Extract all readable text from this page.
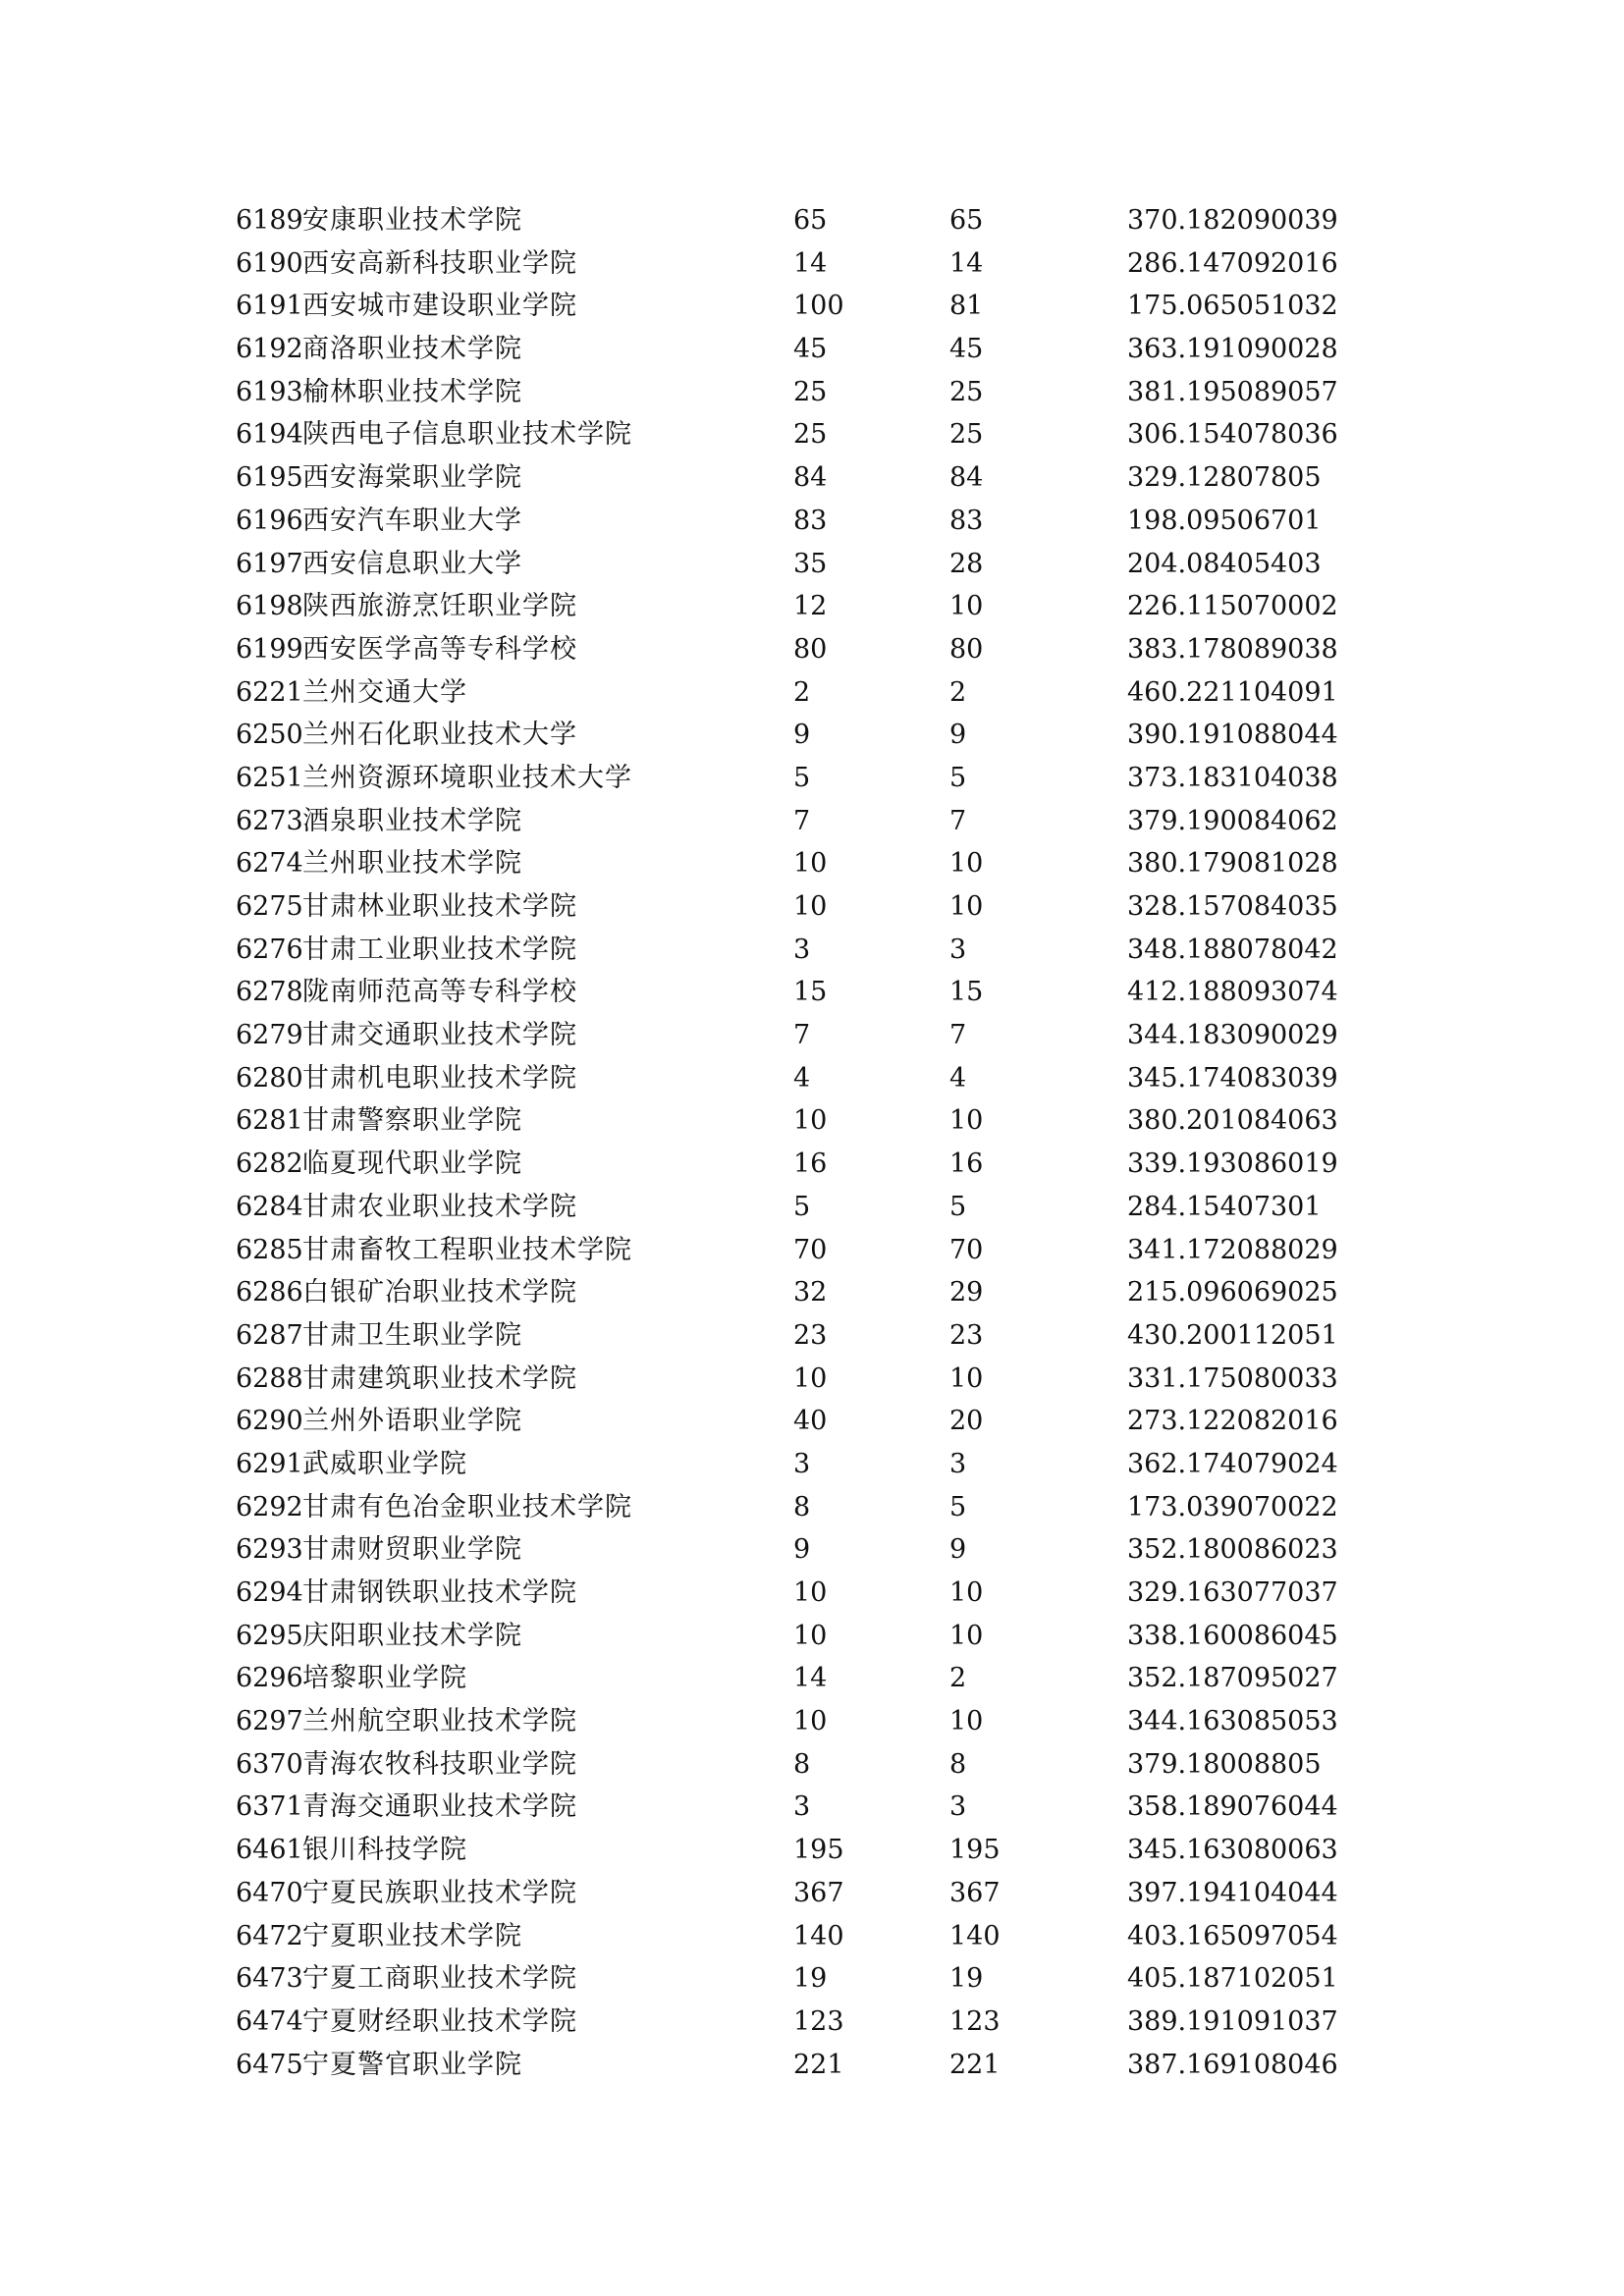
6189 安康职业技术学院	65	65	370.182090039
6190 西安高新科技职业学院	14	14	286.147092016
6191 西安城市建设职业学院	100	81	175.065051032
6192 商洛职业技术学院	45	45	363.191090028
6193 榆林职业技术学院	25	25	381.195089057
6194 陕西电子信息职业技术学院	25	25	306.154078036
6195 西安海棠职业学院	84	84	329.12807805
6196 西安汽车职业大学	83	83	198.09506701
6197 西安信息职业大学	35	28	204.08405403
6198 陕西旅游烹饪职业学院	12	10	226.115070002
6199 西安医学高等专科学校	80	80	383.178089038
6221 兰州交通大学	2	2	460.221104091
6250 兰州石化职业技术大学	9	9	390.191088044
6251 兰州资源环境职业技术大学	5	5	373.183104038
6273 酒泉职业技术学院	7	7	379.190084062
6274 兰州职业技术学院	10	10	380.179081028
6275 甘肃林业职业技术学院	10	10	328.157084035
6276 甘肃工业职业技术学院	3	3	348.188078042
6278 陇南师范高等专科学校	15	15	412.188093074
6279 甘肃交通职业技术学院	7	7	344.183090029
6280 甘肃机电职业技术学院	4	4	345.174083039
6281 甘肃警察职业学院	10	10	380.201084063
6282 临夏现代职业学院	16	16	339.193086019
6284 甘肃农业职业技术学院	5	5	284.15407301
6285 甘肃畜牧工程职业技术学院	70	70	341.172088029
6286 白银矿冶职业技术学院	32	29	215.096069025
6287 甘肃卫生职业学院	23	23	430.200112051
6288 甘肃建筑职业技术学院	10	10	331.175080033
6290 兰州外语职业学院	40	20	273.122082016
6291 武威职业学院	3	3	362.174079024
6292 甘肃有色冶金职业技术学院	8	5	173.039070022
6293 甘肃财贸职业学院	9	9	352.180086023
6294 甘肃钢铁职业技术学院	10	10	329.163077037
6295 庆阳职业技术学院	10	10	338.160086045
6296 培黎职业学院	14	2	352.187095027
6297 兰州航空职业技术学院	10	10	344.163085053
6370 青海农牧科技职业学院	8	8	379.18008805
6371 青海交通职业技术学院	3	3	358.189076044
6461 银川科技学院	195	195	345.163080063
6470 宁夏民族职业技术学院	367	367	397.194104044
6472 宁夏职业技术学院	140	140	403.165097054
6473 宁夏工商职业技术学院	19	19	405.187102051
6474 宁夏财经职业技术学院	123	123	389.191091037
6475 宁夏警官职业学院	221	221	387.169108046
